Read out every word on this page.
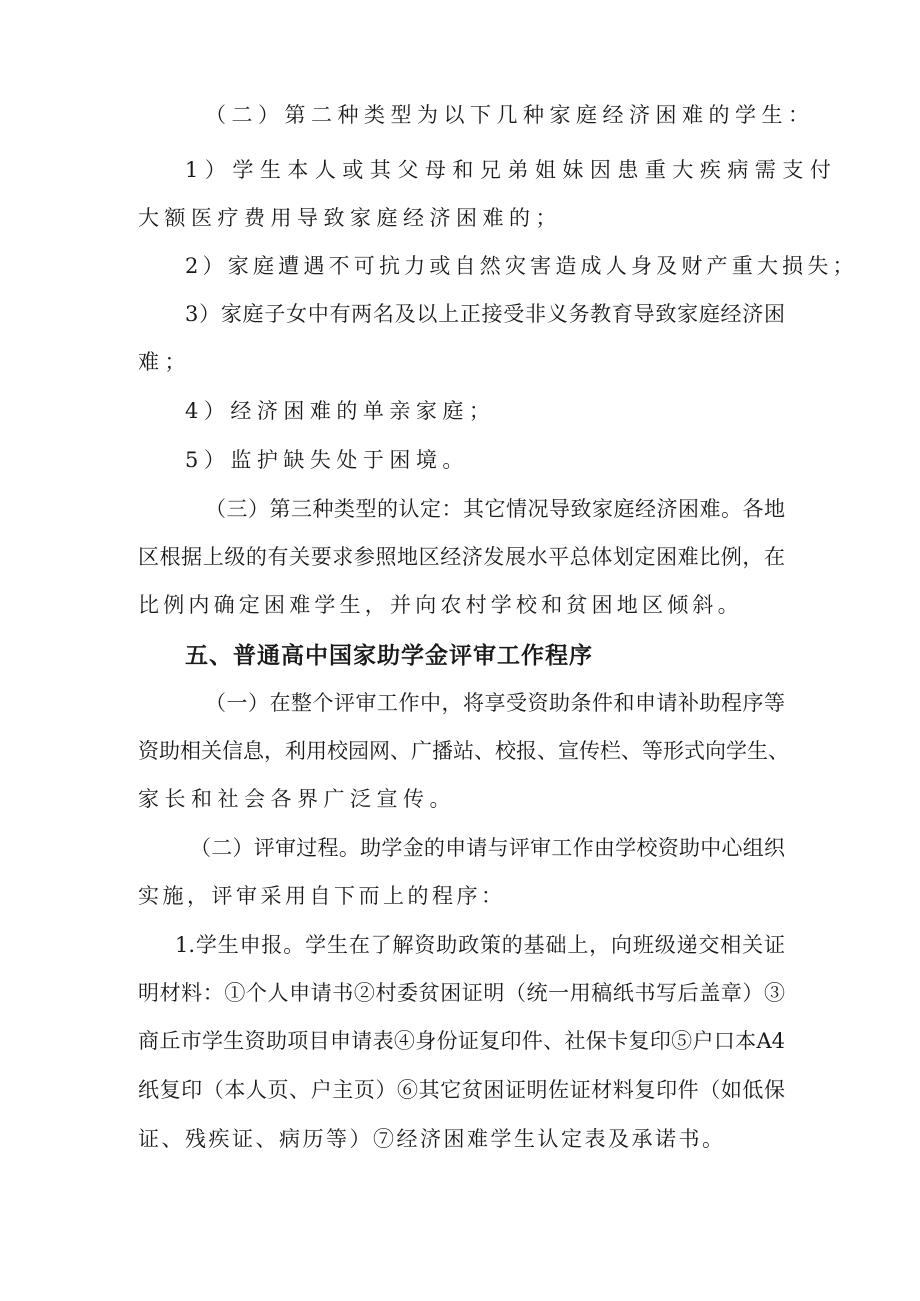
（二）第二种类型为以下几种家庭经济困难的学生：
1）学生本人或其父母和兄弟姐妹因患重大疾病需支付
大额医疗费用导致家庭经济困难的；
2）家庭遭遇不可抗力或自然灾害造成人身及财产重大损失；
3）家庭子女中有两名及以上正接受非义务教育导致家庭经济困
难；
4）经济困难的单亲家庭；
5）监护缺失处于困境。
（三）第三种类型的认定：其它情况导致家庭经济困难。各地
区根据上级的有关要求参照地区经济发展水平总体划定困难比例，在
比例内确定困难学生，并向农村学校和贫困地区倾斜。
五、普通高中国家助学金评审工作程序
（一）在整个评审工作中，将享受资助条件和申请补助程序等
资助相关信息，利用校园网、广播站、校报、宣传栏、等形式向学生、
家长和社会各界广泛宣传。
（二）评审过程。助学金的申请与评审工作由学校资助中心组织
实施，评审采用自下而上的程序：
1.学生申报。学生在了解资助政策的基础上，向班级递交相关证
明材料：①个人申请书②村委贫困证明（统一用稿纸书写后盖章）③
商丘市学生资助项目申请表④身份证复印件、社保卡复印⑤户口本A4
纸复印（本人页、户主页）⑥其它贫困证明佐证材料复印件（如低保
证、残疾证、病历等）⑦经济困难学生认定表及承诺书。
